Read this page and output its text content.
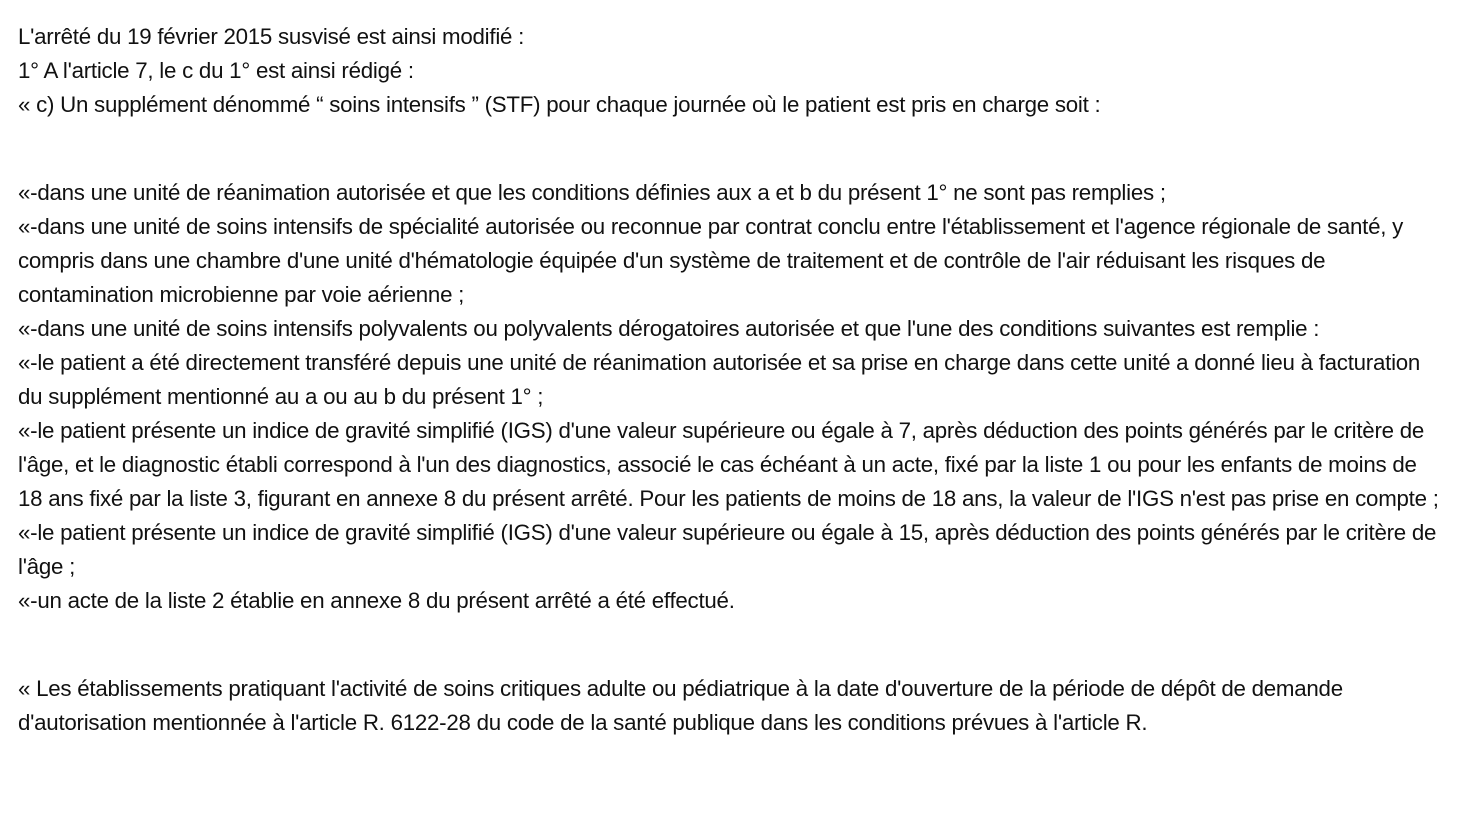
L'arrêté du 19 février 2015 susvisé est ainsi modifié :

1° A l'article 7, le c du 1° est ainsi rédigé :

« c) Un supplément dénommé “ soins intensifs ” (STF) pour chaque journée où le patient est pris en charge soit :

«-dans une unité de réanimation autorisée et que les conditions définies aux a et b du présent 1° ne sont pas remplies ;

«-dans une unité de soins intensifs de spécialité autorisée ou reconnue par contrat conclu entre l'établissement et l'agence régionale de santé, y compris dans une chambre d'une unité d'hématologie équipée d'un système de traitement et de contrôle de l'air réduisant les risques de contamination microbienne par voie aérienne ;

«-dans une unité de soins intensifs polyvalents ou polyvalents dérogatoires autorisée et que l'une des conditions suivantes est remplie :

«-le patient a été directement transféré depuis une unité de réanimation autorisée et sa prise en charge dans cette unité a donné lieu à facturation du supplément mentionné au a ou au b du présent 1° ;

«-le patient présente un indice de gravité simplifié (IGS) d'une valeur supérieure ou égale à 7, après déduction des points générés par le critère de l'âge, et le diagnostic établi correspond à l'un des diagnostics, associé le cas échéant à un acte, fixé par la liste 1 ou pour les enfants de moins de 18 ans fixé par la liste 3, figurant en annexe 8 du présent arrêté. Pour les patients de moins de 18 ans, la valeur de l'IGS n'est pas prise en compte ;

«-le patient présente un indice de gravité simplifié (IGS) d'une valeur supérieure ou égale à 15, après déduction des points générés par le critère de l'âge ;

«-un acte de la liste 2 établie en annexe 8 du présent arrêté a été effectué.

« Les établissements pratiquant l'activité de soins critiques adulte ou pédiatrique à la date d'ouverture de la période de dépôt de demande d'autorisation mentionnée à l'article R. 6122-28 du code de la santé publique dans les conditions prévues à l'article R.
